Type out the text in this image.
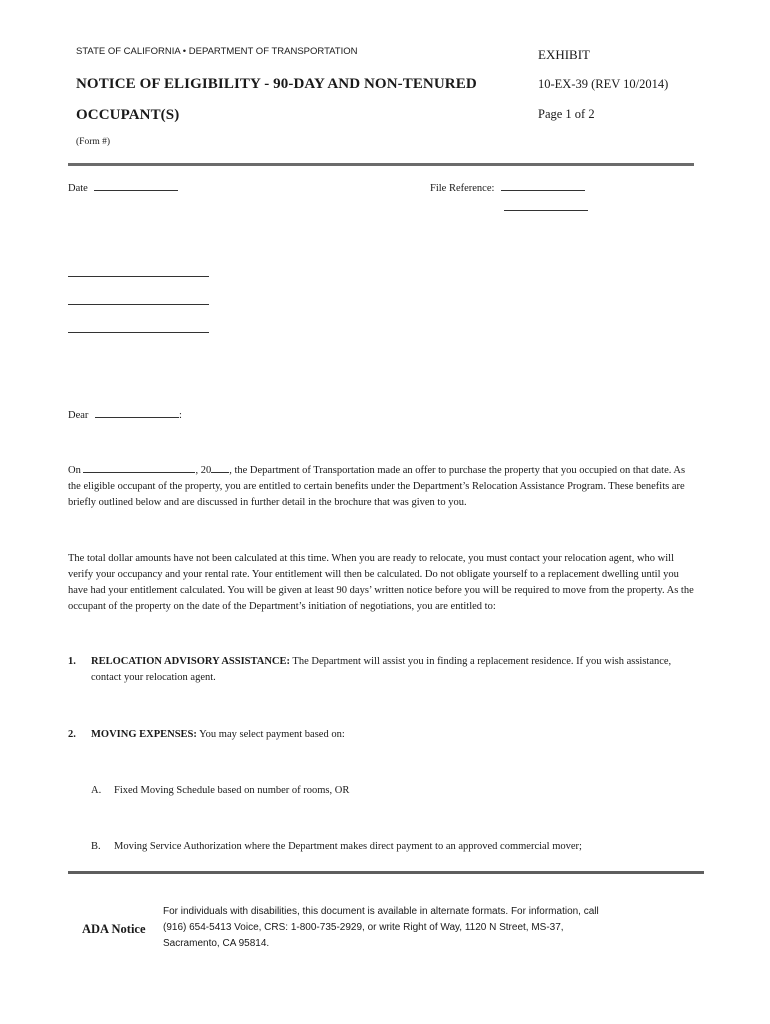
STATE OF CALIFORNIA • DEPARTMENT OF TRANSPORTATION	EXHIBIT
NOTICE OF ELIGIBILITY - 90-DAY AND NON-TENURED	10-EX-39 (REV 10/2014)
OCCUPANT(S)	Page 1 of 2
(Form #)
Date	File Reference:
Dear	:
On	, 20 , the Department of Transportation made an offer to purchase the property that you occupied on that date. As the eligible occupant of the property, you are entitled to certain benefits under the Department’s Relocation Assistance Program. These benefits are briefly outlined below and are discussed in further detail in the brochure that was given to you.
The total dollar amounts have not been calculated at this time. When you are ready to relocate, you must contact your relocation agent, who will verify your occupancy and your rental rate. Your entitlement will then be calculated. Do not obligate yourself to a replacement dwelling until you have had your entitlement calculated. You will be given at least 90 days’ written notice before you will be required to move from the property. As the occupant of the property on the date of the Department’s initiation of negotiations, you are entitled to:
1. RELOCATION ADVISORY ASSISTANCE: The Department will assist you in finding a replacement residence. If you wish assistance, contact your relocation agent.
2. MOVING EXPENSES: You may select payment based on:
A. Fixed Moving Schedule based on number of rooms, OR
B. Moving Service Authorization where the Department makes direct payment to an approved commercial mover;
ADA Notice
For individuals with disabilities, this document is available in alternate formats. For information, call
(916) 654-5413 Voice, CRS: 1-800-735-2929, or write Right of Way, 1120 N Street, MS-37,
Sacramento, CA 95814.
